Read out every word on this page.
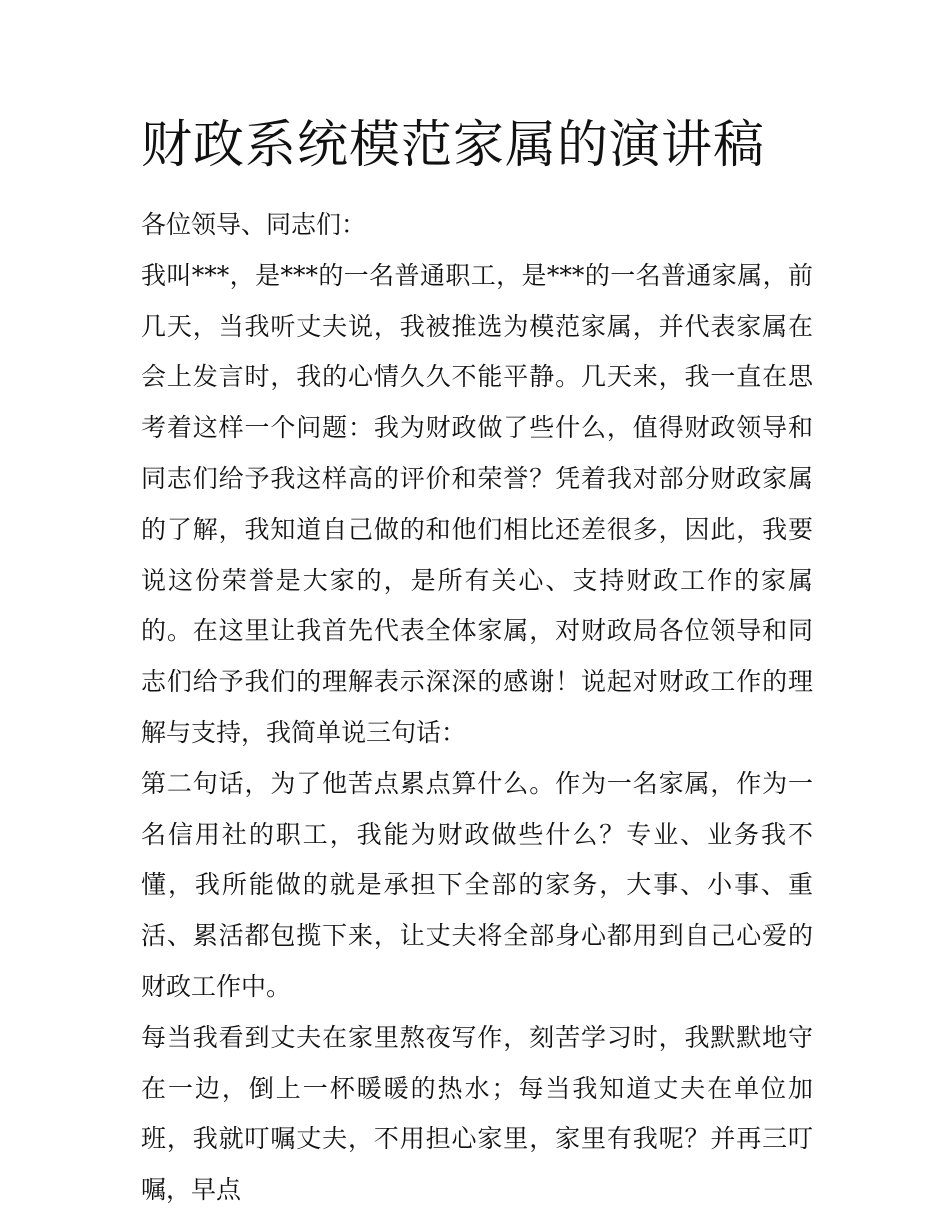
财政系统模范家属的演讲稿

各位领导、同志们：

我叫***，是***的一名普通职工，是***的一名普通家属，前几天，当我听丈夫说，我被推选为模范家属，并代表家属在会上发言时，我的心情久久不能平静。几天来，我一直在思考着这样一个问题：我为财政做了些什么，值得财政领导和同志们给予我这样高的评价和荣誉？凭着我对部分财政家属的了解，我知道自己做的和他们相比还差很多，因此，我要说这份荣誉是大家的，是所有关心、支持财政工作的家属的。在这里让我首先代表全体家属，对财政局各位领导和同志们给予我们的理解表示深深的感谢！说起对财政工作的理解与支持，我简单说三句话：

第二句话，为了他苦点累点算什么。作为一名家属，作为一名信用社的职工，我能为财政做些什么？专业、业务我不懂，我所能做的就是承担下全部的家务，大事、小事、重活、累活都包揽下来，让丈夫将全部身心都用到自己心爱的财政工作中。

每当我看到丈夫在家里熬夜写作，刻苦学习时，我默默地守在一边，倒上一杯暖暖的热水；每当我知道丈夫在单位加班，我就叮嘱丈夫，不用担心家里，家里有我呢？并再三叮嘱，早点
